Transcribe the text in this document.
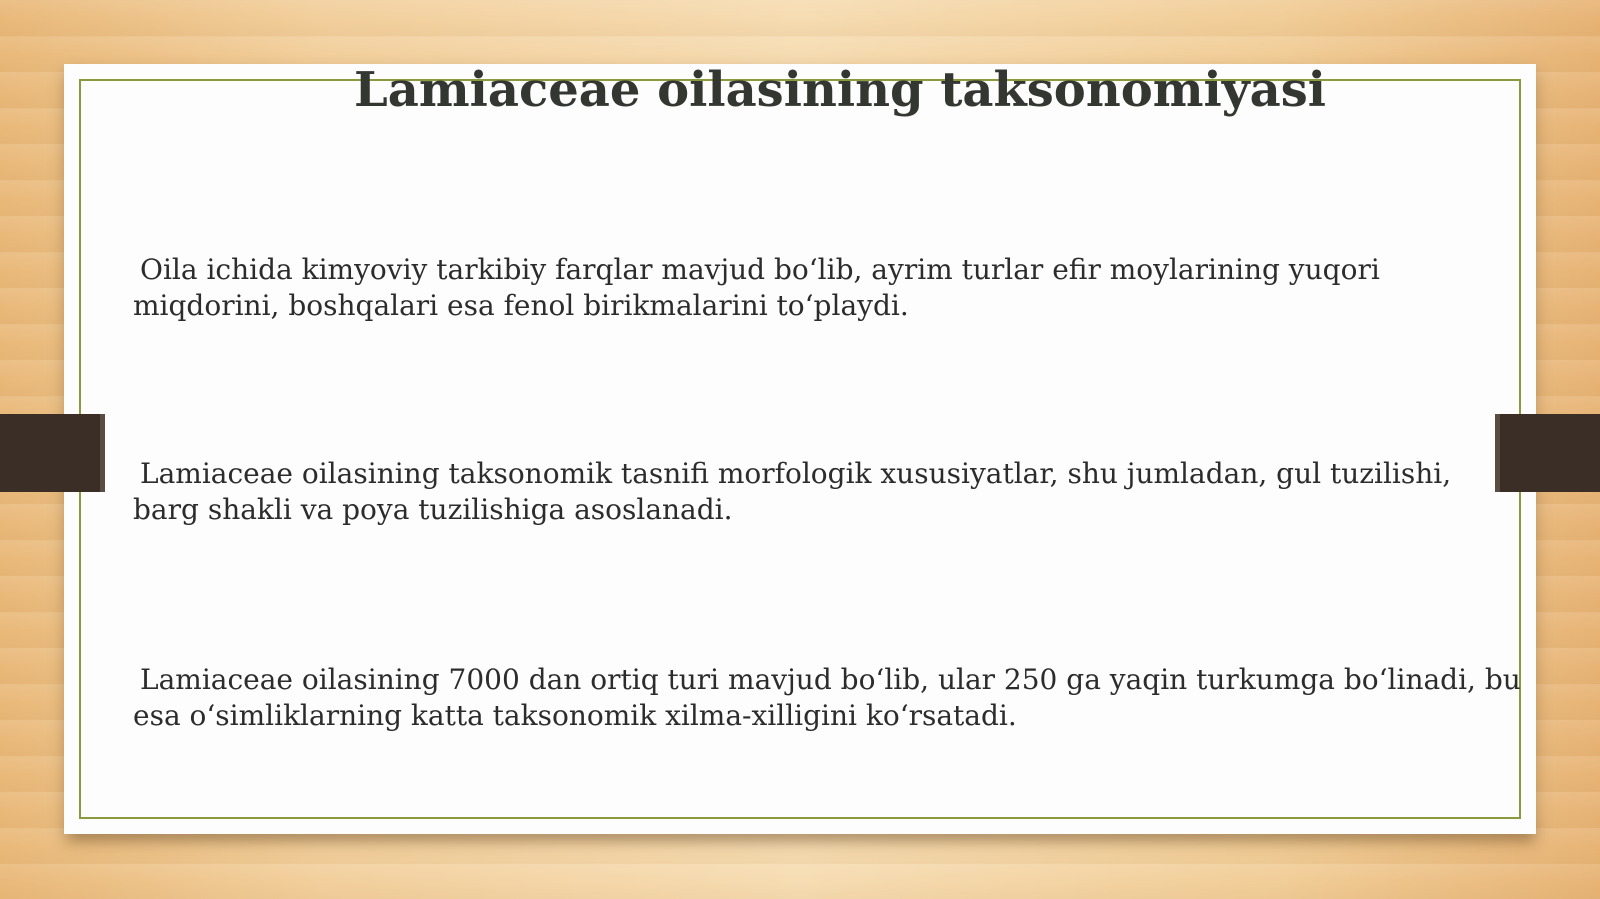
Lamiaceae oilasining taksonomiyasi

Oila ichida kimyoviy tarkibiy farqlar mavjud bo‘lib, ayrim turlar efir moylarining yuqori
miqdorini, boshqalari esa fenol birikmalarini to‘playdi.

Lamiaceae oilasining taksonomik tasnifi morfologik xususiyatlar, shu jumladan, gul tuzilishi,
barg shakli va poya tuzilishiga asoslanadi.

Lamiaceae oilasining 7000 dan ortiq turi mavjud bo‘lib, ular 250 ga yaqin turkumga bo‘linadi, bu
esa o‘simliklarning katta taksonomik xilma-xilligini ko‘rsatadi.
